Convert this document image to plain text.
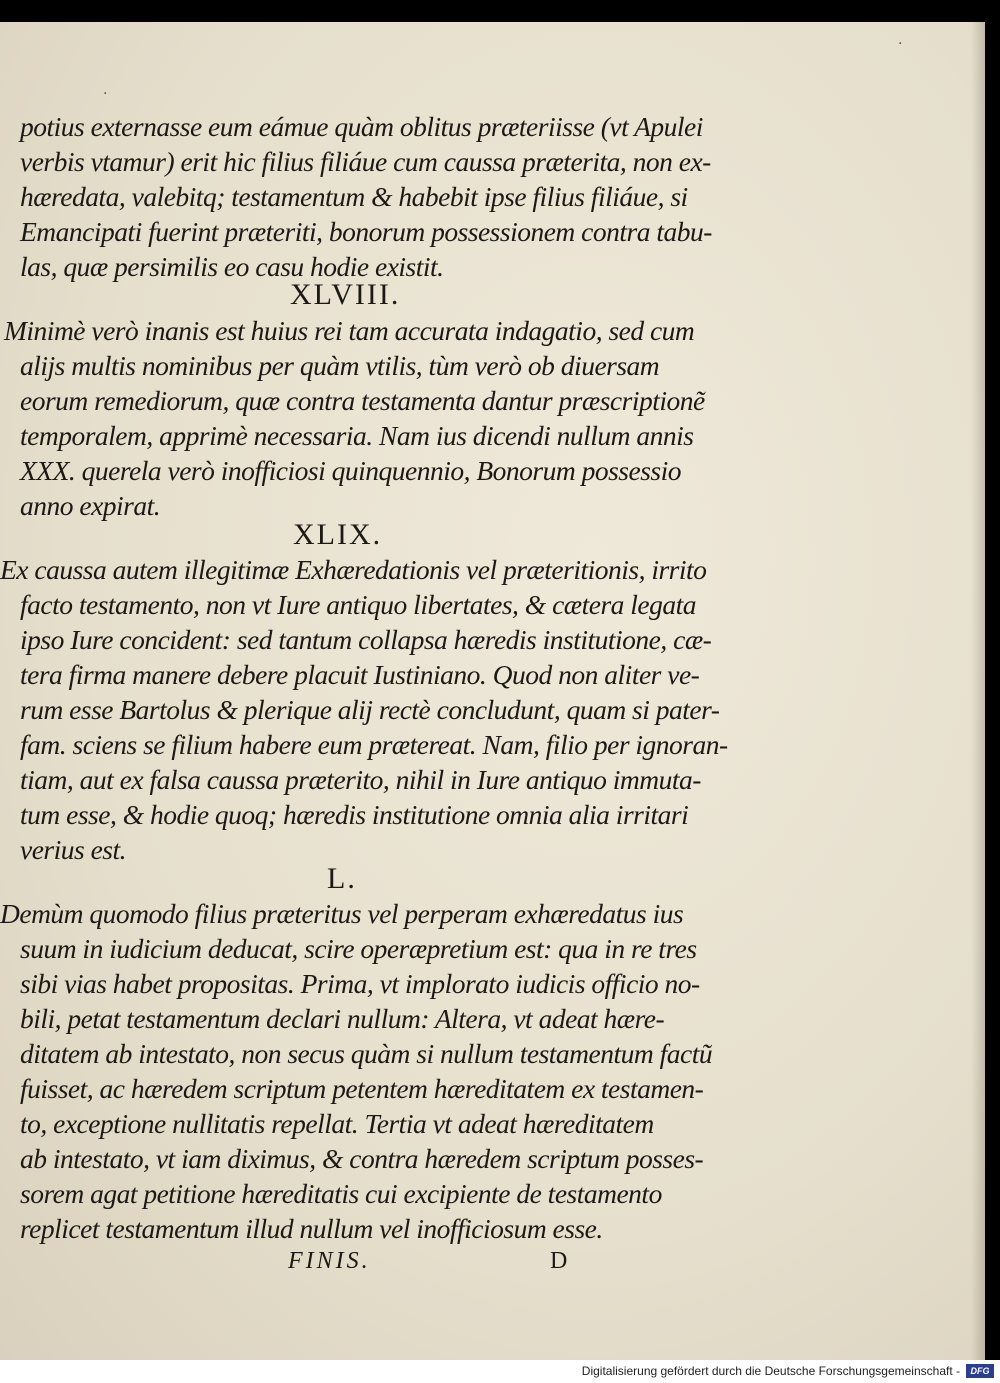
potius externasse eum eámue quàm oblitus præteriisse (vt Apulei
verbis vtamur) erit hic filius filiáue cum caussa præterita, non ex-
hæredata, valebitq; testamentum & habebit ipse filius filiáue, si
Emancipati fuerint præteriti, bonorum possessionem contra tabu-
las, quæ persimilis eo casu hodie existit.
XLVIII.
Minimè verò inanis est huius rei tam accurata indagatio, sed cum
alijs multis nominibus per quàm vtilis, tùm verò ob diuersam
eorum remediorum, quæ contra testamenta dantur præscriptionẽ
temporalem, apprimè necessaria. Nam ius dicendi nullum annis
XXX. querela verò inofficiosi quinquennio, Bonorum possessio
anno expirat.
XLIX.
Ex caussa autem illegitimæ Exhæredationis vel præteritionis, irrito
facto testamento, non vt Iure antiquo libertates, & cætera legata
ipso Iure concident: sed tantum collapsa hæredis institutione, cæ-
tera firma manere debere placuit Iustiniano. Quod non aliter ve-
rum esse Bartolus & plerique alij rectè concludunt, quam si pater-
fam. sciens se filium habere eum prætereat. Nam, filio per ignoran-
tiam, aut ex falsa caussa præterito, nihil in Iure antiquo immuta-
tum esse, & hodie quoq; hæredis institutione omnia alia irritari
verius est.
L.
Demùm quomodo filius præteritus vel perperam exhæredatus ius
suum in iudicium deducat, scire operæpretium est: qua in re tres
sibi vias habet propositas. Prima, vt implorato iudicis officio no-
bili, petat testamentum declari nullum: Altera, vt adeat hære-
ditatem ab intestato, non secus quàm si nullum testamentum factũ
fuisset, ac hæredem scriptum petentem hæreditatem ex testamen-
to, exceptione nullitatis repellat. Tertia vt adeat hæreditatem
ab intestato, vt iam diximus, & contra hæredem scriptum posses-
sorem agat petitione hæreditatis cui excipiente de testamento
replicet testamentum illud nullum vel inofficiosum esse.
FINIS.	D
·
·
Digitalisierung gefördert durch die Deutsche Forschungsgemeinschaft -	DFG
